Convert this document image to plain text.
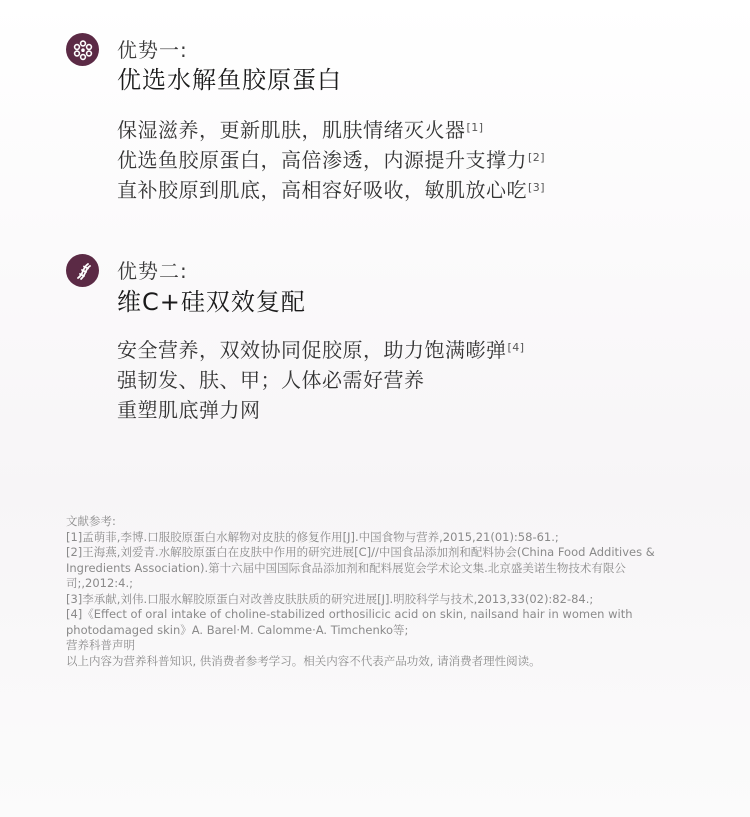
优势一:
优选水解鱼胶原蛋白
保湿滋养，更新肌肤，肌肤情绪灭火器[1]
优选鱼胶原蛋白，高倍渗透，内源提升支撑力[2]
直补胶原到肌底，高相容好吸收，敏肌放心吃[3]
优势二:
维C+硅双效复配
安全营养，双效协同促胶原，助力饱满嘭弹[4]
强韧发、肤、甲；人体必需好营养
重塑肌底弹力网

文献参考:

[1]孟萌菲,李博.口服胶原蛋白水解物对皮肤的修复作用[J].中国食物与营养,2015,21(01):58-61.;

[2]王海燕,刘爱青.水解胶原蛋白在皮肤中作用的研究进展[C]//中国食品添加剂和配料协会(China Food Additives & Ingredients Association).第十六届中国国际食品添加剂和配料展览会学术论文集.北京盛美诺生物技术有限公司;,2012:4.;

[3]李承献,刘伟.口服水解胶原蛋白对改善皮肤肤质的研究进展[J].明胶科学与技术,2013,33(02):82-84.;

[4]《Effect of oral intake of choline-stabilized orthosilicic acid on skin, nailsand hair in women with photodamaged skin》A. Barel·M. Calomme·A. Timchenko等;

营养科普声明

以上内容为营养科普知识, 供消费者参考学习。相关内容不代表产品功效, 请消费者理性阅读。
